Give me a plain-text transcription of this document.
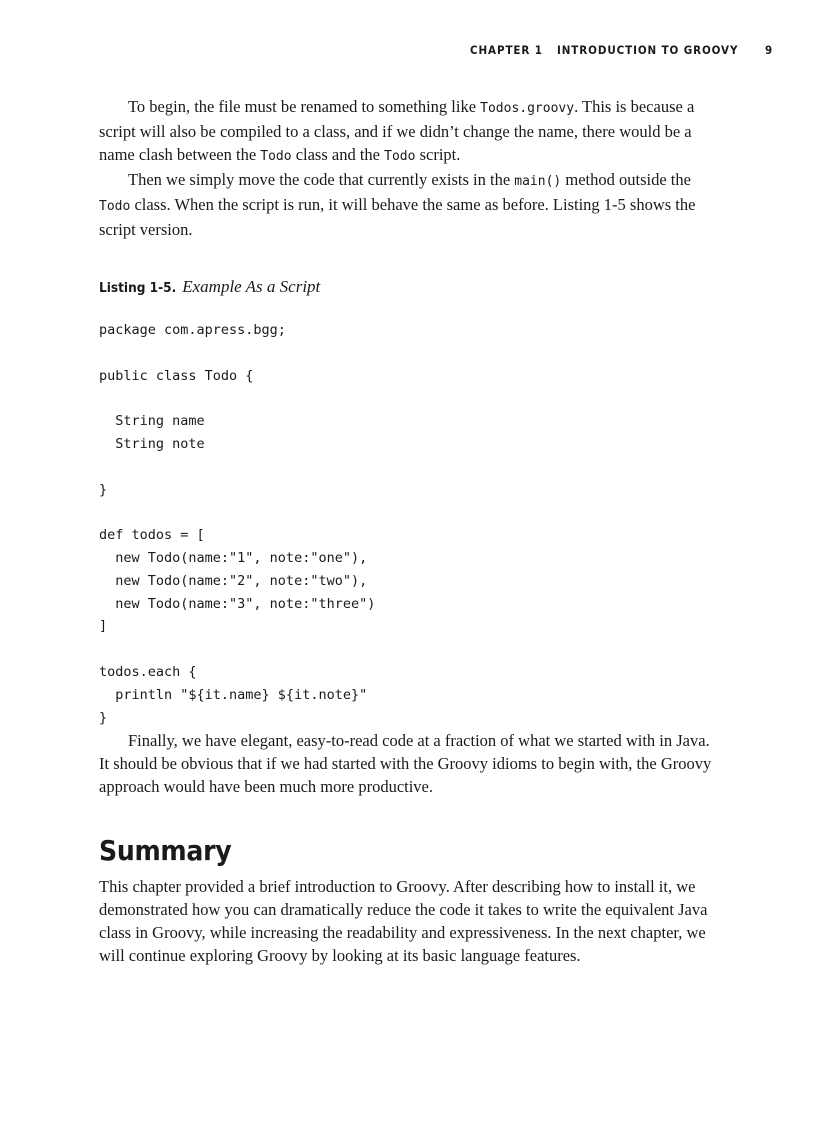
CHAPTER 1 INTRODUCTION TO GROOVY 9

To begin, the file must be renamed to something like Todos.groovy. This is because a script will also be compiled to a class, and if we didn’t change the name, there would be a name clash between the Todo class and the Todo script.

Then we simply move the code that currently exists in the main() method outside the Todo class. When the script is run, it will behave the same as before. Listing 1-5 shows the script version.

Listing 1-5. Example As a Script
package com.apress.bgg;

public class Todo {

String name
String note

}

def todos = [
new Todo(name:"1", note:"one"),
new Todo(name:"2", note:"two"),
new Todo(name:"3", note:"three")
]

todos.each {
println "${it.name} ${it.note}"
}

Finally, we have elegant, easy-to-read code at a fraction of what we started with in Java. It should be obvious that if we had started with the Groovy idioms to begin with, the Groovy approach would have been much more productive.

Summary

This chapter provided a brief introduction to Groovy. After describing how to install it, we demonstrated how you can dramatically reduce the code it takes to write the equivalent Java class in Groovy, while increasing the readability and expressiveness. In the next chapter, we will continue exploring Groovy by looking at its basic language features.
